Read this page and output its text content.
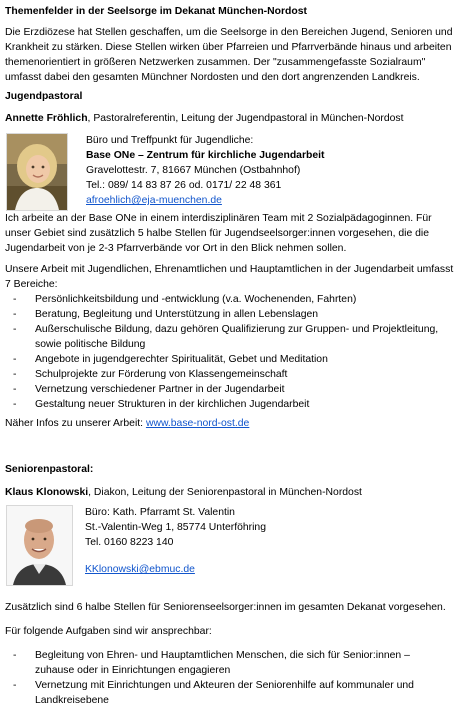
Themenfelder in der Seelsorge im Dekanat München-Nordost
Die Erzdiözese hat Stellen geschaffen, um die Seelsorge in den Bereichen Jugend, Senioren und Krankheit zu stärken. Diese Stellen wirken über Pfarreien und Pfarrverbände hinaus und arbeiten themenorientiert in größeren Netzwerken zusammen. Der "zusammengefasste Sozialraum" umfasst dabei den gesamten Münchner Nordosten und den dort angrenzenden Landkreis.
Jugendpastoral
Annette Fröhlich, Pastoralreferentin, Leitung der Jugendpastoral in München-Nordost
Büro und Treffpunkt für Jugendliche:
Base ONe – Zentrum für kirchliche Jugendarbeit
Gravelottestr. 7, 81667 München (Ostbahnhof)
Tel.: 089/ 14 83 87 26 od. 0171/ 22 48 361
afroehlich@eja-muenchen.de
Ich arbeite an der Base ONe in einem interdisziplinären Team mit 2 Sozialpädagoginnen. Für unser Gebiet sind zusätzlich 5 halbe Stellen für Jugendseelsorger:innen vorgesehen, die die Jugendarbeit von je 2-3 Pfarrverbände vor Ort in den Blick nehmen sollen.
Unsere Arbeit mit Jugendlichen, Ehrenamtlichen und Hauptamtlichen in der Jugendarbeit umfasst 7 Bereiche:
- Persönlichkeitsbildung und -entwicklung (v.a. Wochenenden, Fahrten)
- Beratung, Begleitung und Unterstützung in allen Lebenslagen
- Außerschulische Bildung, dazu gehören Qualifizierung zur Gruppen- und Projektleitung, sowie politische Bildung
- Angebote in jugendgerechter Spiritualität, Gebet und Meditation
- Schulprojekte zur Förderung von Klassengemeinschaft
- Vernetzung verschiedener Partner in der Jugendarbeit
- Gestaltung neuer Strukturen in der kirchlichen Jugendarbeit
Näher Infos zu unserer Arbeit: www.base-nord-ost.de
Seniorenpastoral:
Klaus Klonowski, Diakon, Leitung der Seniorenpastoral in München-Nordost
Büro: Kath. Pfarramt St. Valentin
St.-Valentin-Weg 1, 85774 Unterföhring
Tel. 0160 8223 140
KKlonowski@ebmuc.de
Zusätzlich sind 6 halbe Stellen für Seniorenseelsorger:innen im gesamten Dekanat vorgesehen.
Für folgende Aufgaben sind wir ansprechbar:
- Begleitung von Ehren- und Hauptamtlichen Menschen, die sich für Senior:innen – zuhause oder in Einrichtungen engagieren
- Vernetzung mit Einrichtungen und Akteuren der Seniorenhilfe auf kommunaler und Landkreisebene
